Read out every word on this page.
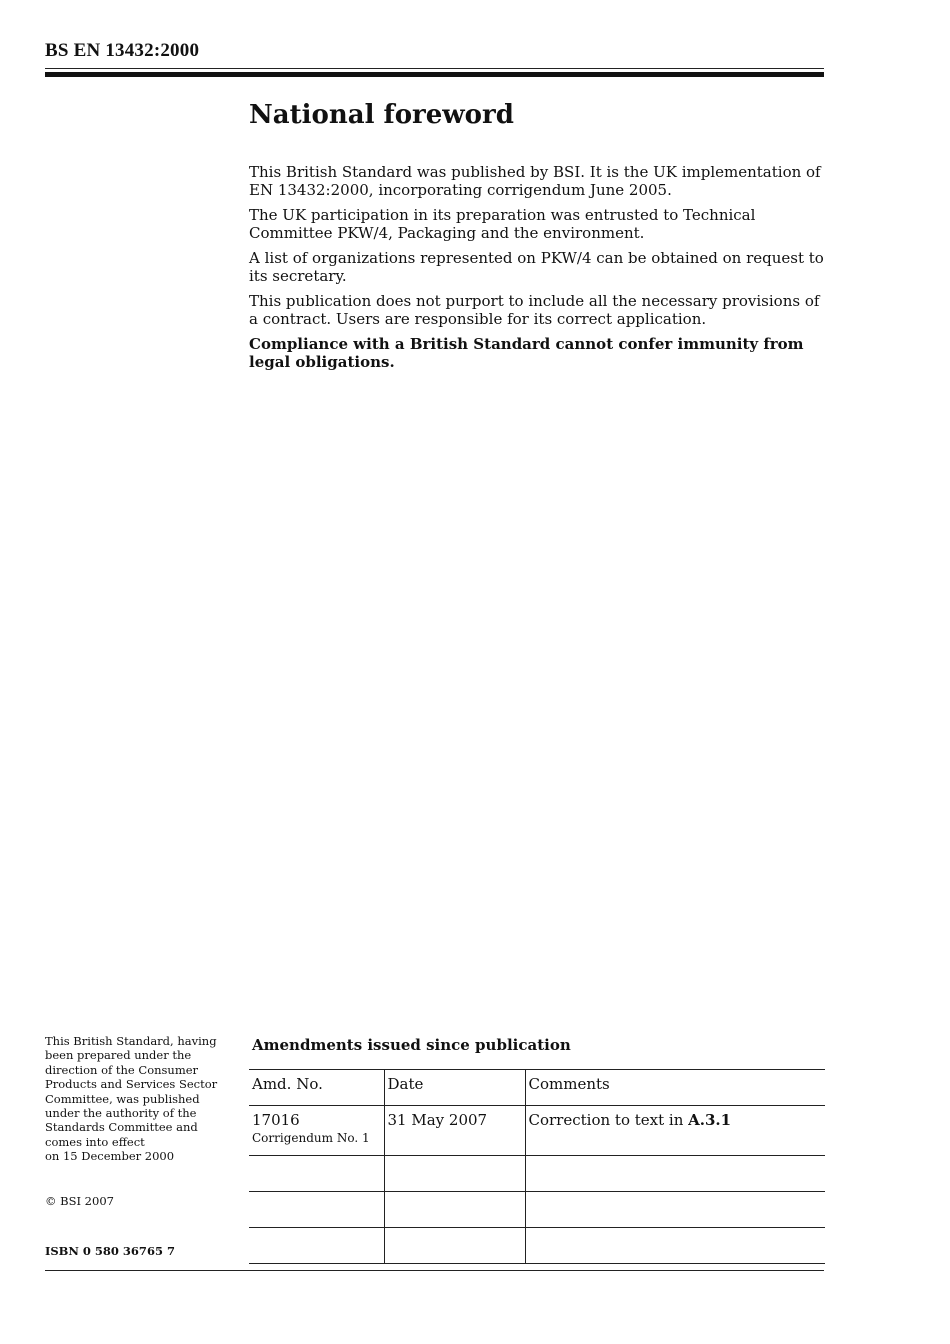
BS EN 13432:2000
National foreword

This British Standard was published by BSI. It is the UK implementation of EN 13432:2000, incorporating corrigendum June 2005.

The UK participation in its preparation was entrusted to Technical Committee PKW/4, Packaging and the environment.

A list of organizations represented on PKW/4 can be obtained on request to its secretary.

This publication does not purport to include all the necessary provisions of a contract. Users are responsible for its correct application.

Compliance with a British Standard cannot confer immunity from legal obligations.

This British Standard, having
been prepared under the
direction of the Consumer
Products and Services Sector
Committee, was published
under the authority of the
Standards Committee and
comes into effect
on 15 December 2000
© BSI 2007
ISBN 0 580 36765 7
Amendments issued since publication
Amd. No.	Date	Comments
17016
Corrigendum No. 1	31 May 2007	Correction to text in A.3.1
